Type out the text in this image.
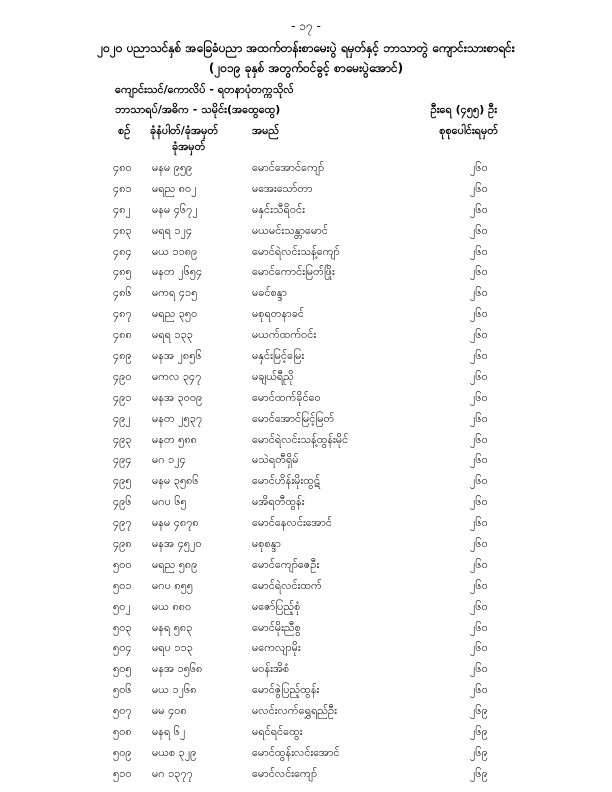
- ၁၇ -
၂၀၂၀ ပညာသင်နှစ် အခြေခံပညာ အထက်တန်းစာမေးပွဲ ရမှတ်နှင့် ဘာသာတွဲ ကျောင်းသားစာရင်း
(၂၀၁၉ ခုနှစ် အတွက်ဝင်ခွင့် စာမေးပွဲအောင်)
ကျောင်းသင်/ကောလိပ် - ရတနာပုံတက္ကသိုလ်
ဘာသာရပ်/အဓိက - သမိုင်း(အထွေထွေ)	ဦးရေ (၄၅၅) ဦး
စဉ် ခုံနံပါတ်/ခုံအမှတ်	အမည်	စုစုပေါင်းရမှတ်
ခုံအမှတ်
၄၈၀ မနမ ၉၅၉	မောင်အောင်ကျော်	၂၆၀
၄၈၁ မရည ၈၀၂	မအေးသော်တာ	၂၆၀
၄၈၂ မနမ ၄၆၇၂	မနှင်းသီရိဝင်း	၂၆၀
၄၈၃ မရရ ၁၂၄	မယမင်းသန္တာမောင်	၂၆၀
၄၈၄ မယ ၁၁၈၉	မောင်ရဲလင်းသန့်ကျော်	၂၆၀
၄၈၅ မနတ ၂၆၅၄	မောင်ကောင်းမြတ်ဖြိုး	၂၆၀
၄၈၆ မကရ ၄၁၅	မခင်စန္ဒာ	၂၆၀
၄၈၇ မရည ၃၅၀	မစုရတနာခင်	၂၆၀
၄၈၈ မရရ ၁၃၃	မယက်ထက်ဝင်း	၂၆၀
၄၈၉ မနအ ၂၈၅၆	မနှင်းမြင့်မြေး	၂၆၀
၄၉၀ မကလ ၃၄၇	မချယ်ရီညို	၂၆၀
၄၉၁ မနအ ၃၀၀၉	မောင်ထက်ခိုင်ဝေ	၂၆၀
၄၉၂ မနတ ၂၅၃၇	မောင်အောင်မြင့်မြတ်	၂၆၀
၄၉၃ မနတ ၅၈၈	မောင်ရဲလင်းသန့်ထွန်းမိုင်	၂၆၀
၄၉၄ မဂ ၁၂၄	မသဲရတီရှိမ်	၂၆၀
၄၉၅ မနမ ၃၅၈၆	မောင်ဟိန်းမိုးထွဋ်	၂၆၀
၄၉၆ မဂပ ၆၅	မအိရတီထွန်း	၂၆၀
၄၉၇ မနမ ၄၈၇၈	မောင်နေလင်းအောင်	၂၆၀
၄၉၈ မနအ ၄၅၂၀	မစုစန္ဒာ	၂၆၀
၅၀၀ မရည ၅၈၉	မောင်ကျော်ဇေဦး	၂၆၀
၅၀၁ မဂပ ၈၅၅	မောင်ရဲလင်းထက်	၂၆၀
၅၀၂ မယ ၈၈၀	မဇော်ပြည့်စုံ	၂၆၀
၅၀၃ မနရ ၅၈၃	မောင်မိုးညီစွ	၂၆၀
၅၀၄ မရပ ၁၁၃	မကေလျာမိုး	၂၆၀
၅၀၅ မနအ ၁၅၆၈	မဝန်းအိစံ	၂၆၀
၅၀၆ မယ ၁၂၆၈	မောင်ဇွဲပြည့်ထွန်း	၂၆၀
၅၀၇ မမ ၄၀၈	မလင်းလက်ရွှေရည်ဦး	၂၆၉
၅၀၈ မနရ ၆၂	မရင်ရင်ထွေး	၂၆၉
၅၀၉ မယစ ၃၂၉	မောင်ထွန်းလင်းအောင်	၂၆၉
၅၁၀ မဂ ၁၃၇၇	မောင်လင်းကျော်	၂၆၉
